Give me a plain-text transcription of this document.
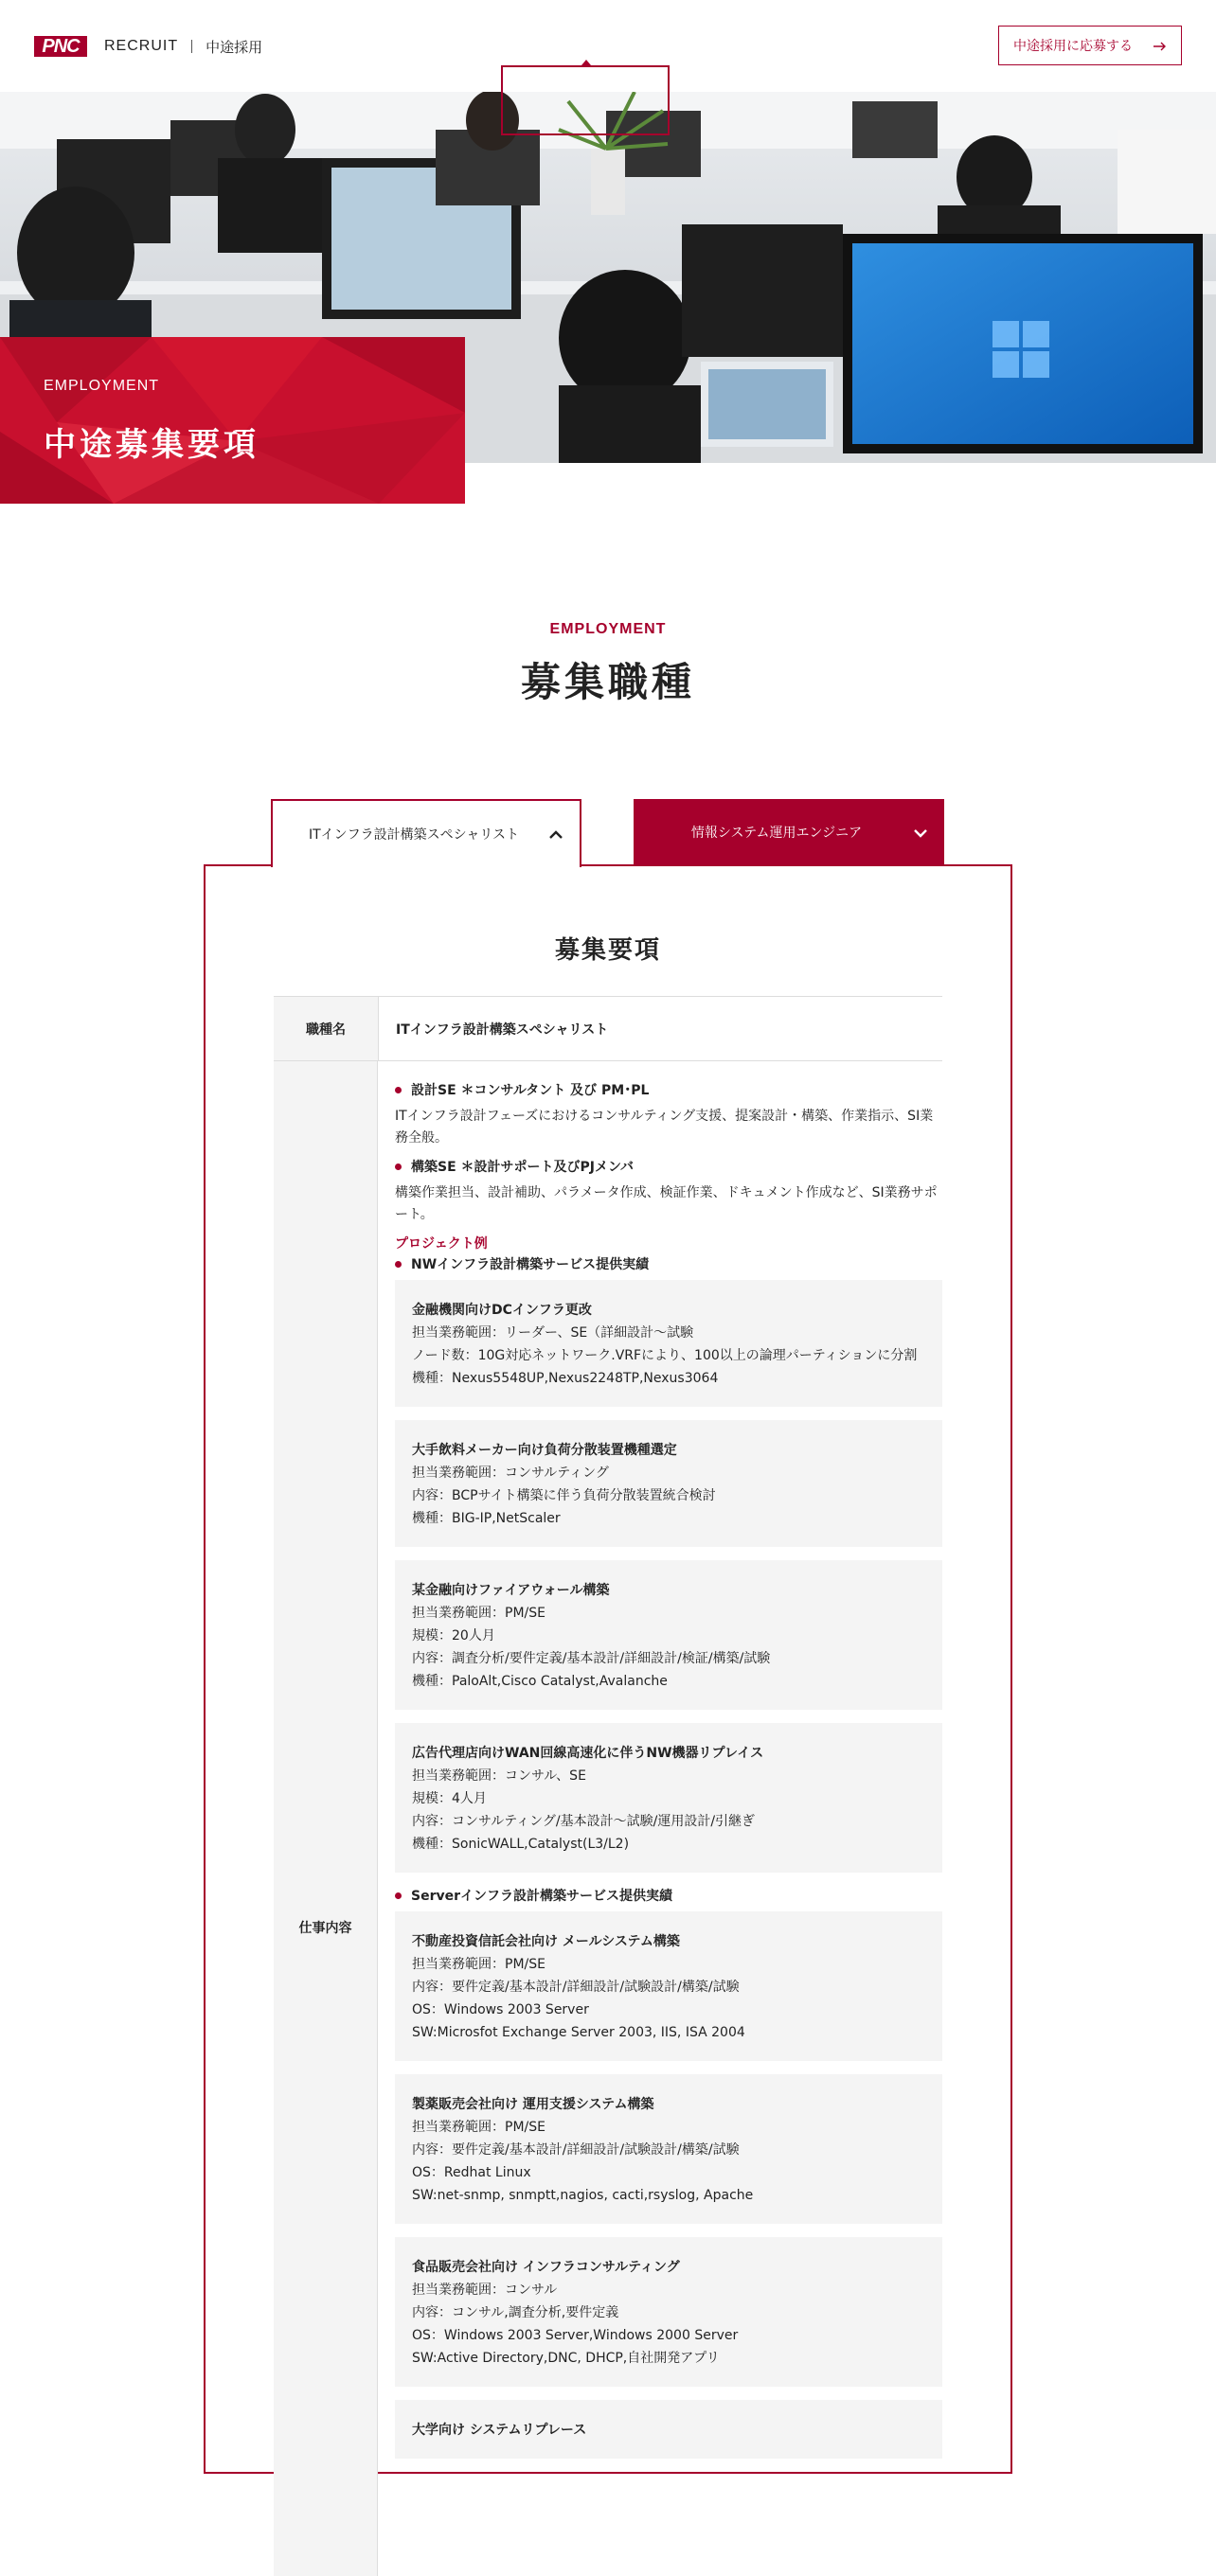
PNC	RECRUIT 中途採用	中途採用に応募する
EMPLOYMENT
中途募集要項
EMPLOYMENT
募集職種
ITインフラ設計構築スペシャリスト	情報システム運用エンジニア
募集要項
職種名	ITインフラ設計構築スペシャリスト
仕事内容
設計SE ＊コンサルタント 及び PM･PL
ITインフラ設計フェーズにおけるコンサルティング支援、提案設計・構築、作業指示、SI業務全般。
構築SE ＊設計サポート及びPJメンバ
構築作業担当、設計補助、パラメータ作成、検証作業、ドキュメント作成など、SI業務サポート。
プロジェクト例
NWインフラ設計構築サービス提供実績
金融機関向けDCインフラ更改
担当業務範囲：リーダー、SE（詳細設計～試験
ノード数：10G対応ネットワーク.VRFにより、100以上の論理パーティションに分割
機種：Nexus5548UP,Nexus2248TP,Nexus3064
大手飲料メーカー向け負荷分散装置機種選定
担当業務範囲：コンサルティング
内容：BCPサイト構築に伴う負荷分散装置統合検討
機種：BIG-IP,NetScaler
某金融向けファイアウォール構築
担当業務範囲：PM/SE
規模：20人月
内容：調査分析/要件定義/基本設計/詳細設計/検証/構築/試験
機種：PaloAlt,Cisco Catalyst,Avalanche
広告代理店向けWAN回線高速化に伴うNW機器リプレイス
担当業務範囲：コンサル、SE
規模：4人月
内容：コンサルティング/基本設計～試験/運用設計/引継ぎ
機種：SonicWALL,Catalyst(L3/L2)
Serverインフラ設計構築サービス提供実績
不動産投資信託会社向け メールシステム構築
担当業務範囲：PM/SE
内容：要件定義/基本設計/詳細設計/試験設計/構築/試験
OS：Windows 2003 Server
SW:Microsfot Exchange Server 2003, IIS, ISA 2004
製薬販売会社向け 運用支援システム構築
担当業務範囲：PM/SE
内容：要件定義/基本設計/詳細設計/試験設計/構築/試験
OS：Redhat Linux
SW:net-snmp, snmptt,nagios, cacti,rsyslog, Apache
食品販売会社向け インフラコンサルティング
担当業務範囲：コンサル
内容：コンサル,調査分析,要件定義
OS：Windows 2003 Server,Windows 2000 Server
SW:Active Directory,DNC, DHCP,自社開発アプリ
大学向け システムリプレース
